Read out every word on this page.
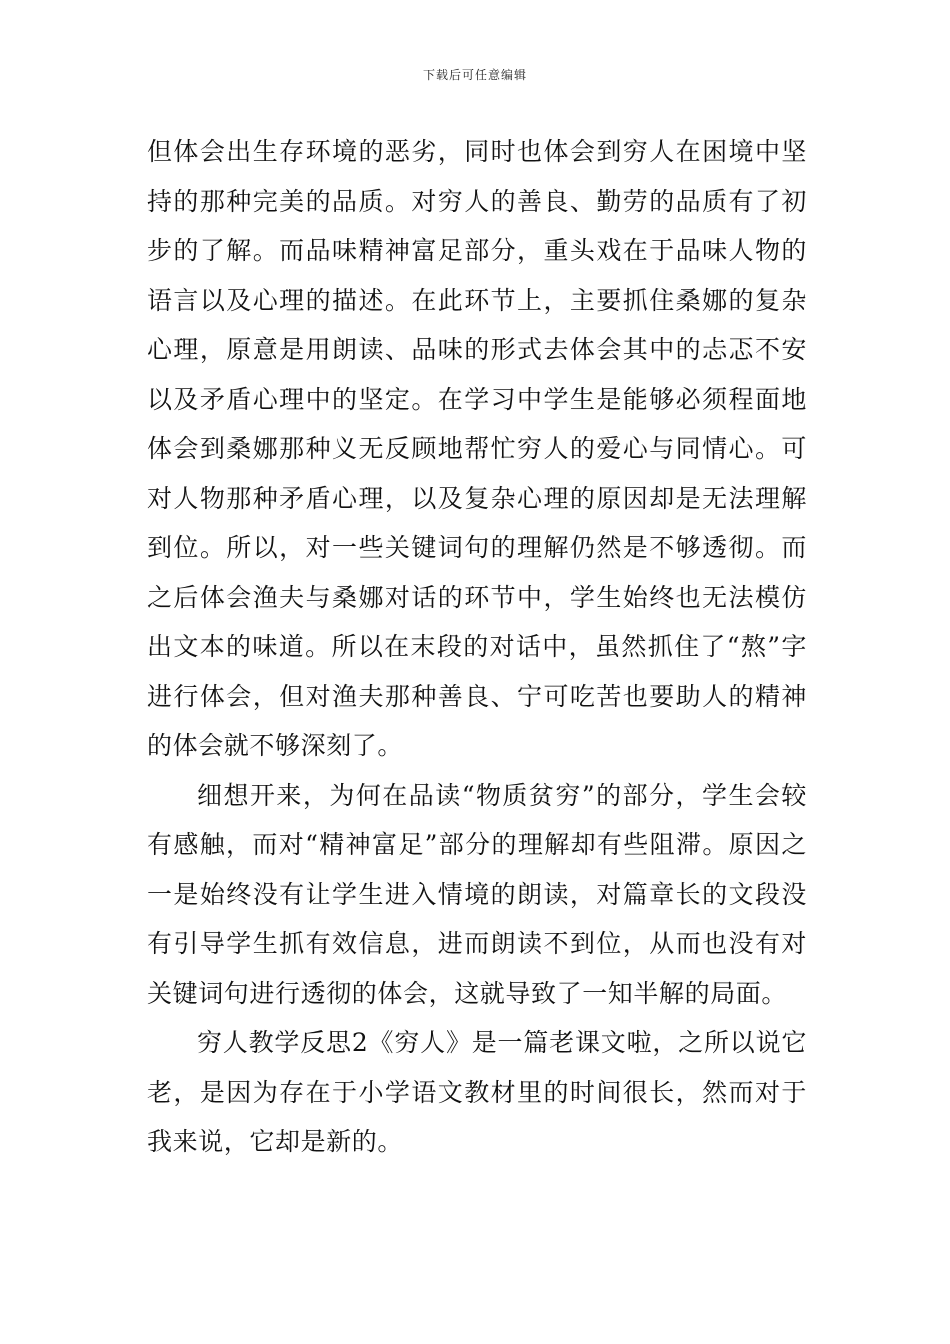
下载后可任意编辑

但体会出生存环境的恶劣，同时也体会到穷人在困境中坚持的那种完美的品质。对穷人的善良、勤劳的品质有了初步的了解。而品味精神富足部分，重头戏在于品味人物的语言以及心理的描述。在此环节上，主要抓住桑娜的复杂心理，原意是用朗读、品味的形式去体会其中的忐忑不安以及矛盾心理中的坚定。在学习中学生是能够必须程面地体会到桑娜那种义无反顾地帮忙穷人的爱心与同情心。可对人物那种矛盾心理，以及复杂心理的原因却是无法理解到位。所以，对一些关键词句的理解仍然是不够透彻。而之后体会渔夫与桑娜对话的环节中，学生始终也无法模仿出文本的味道。所以在末段的对话中，虽然抓住了“熬”字进行体会，但对渔夫那种善良、宁可吃苦也要助人的精神的体会就不够深刻了。

细想开来，为何在品读“物质贫穷”的部分，学生会较有感触，而对“精神富足”部分的理解却有些阻滞。原因之一是始终没有让学生进入情境的朗读，对篇章长的文段没有引导学生抓有效信息，进而朗读不到位，从而也没有对关键词句进行透彻的体会，这就导致了一知半解的局面。

穷人教学反思2《穷人》是一篇老课文啦，之所以说它老，是因为存在于小学语文教材里的时间很长，然而对于我来说，它却是新的。
